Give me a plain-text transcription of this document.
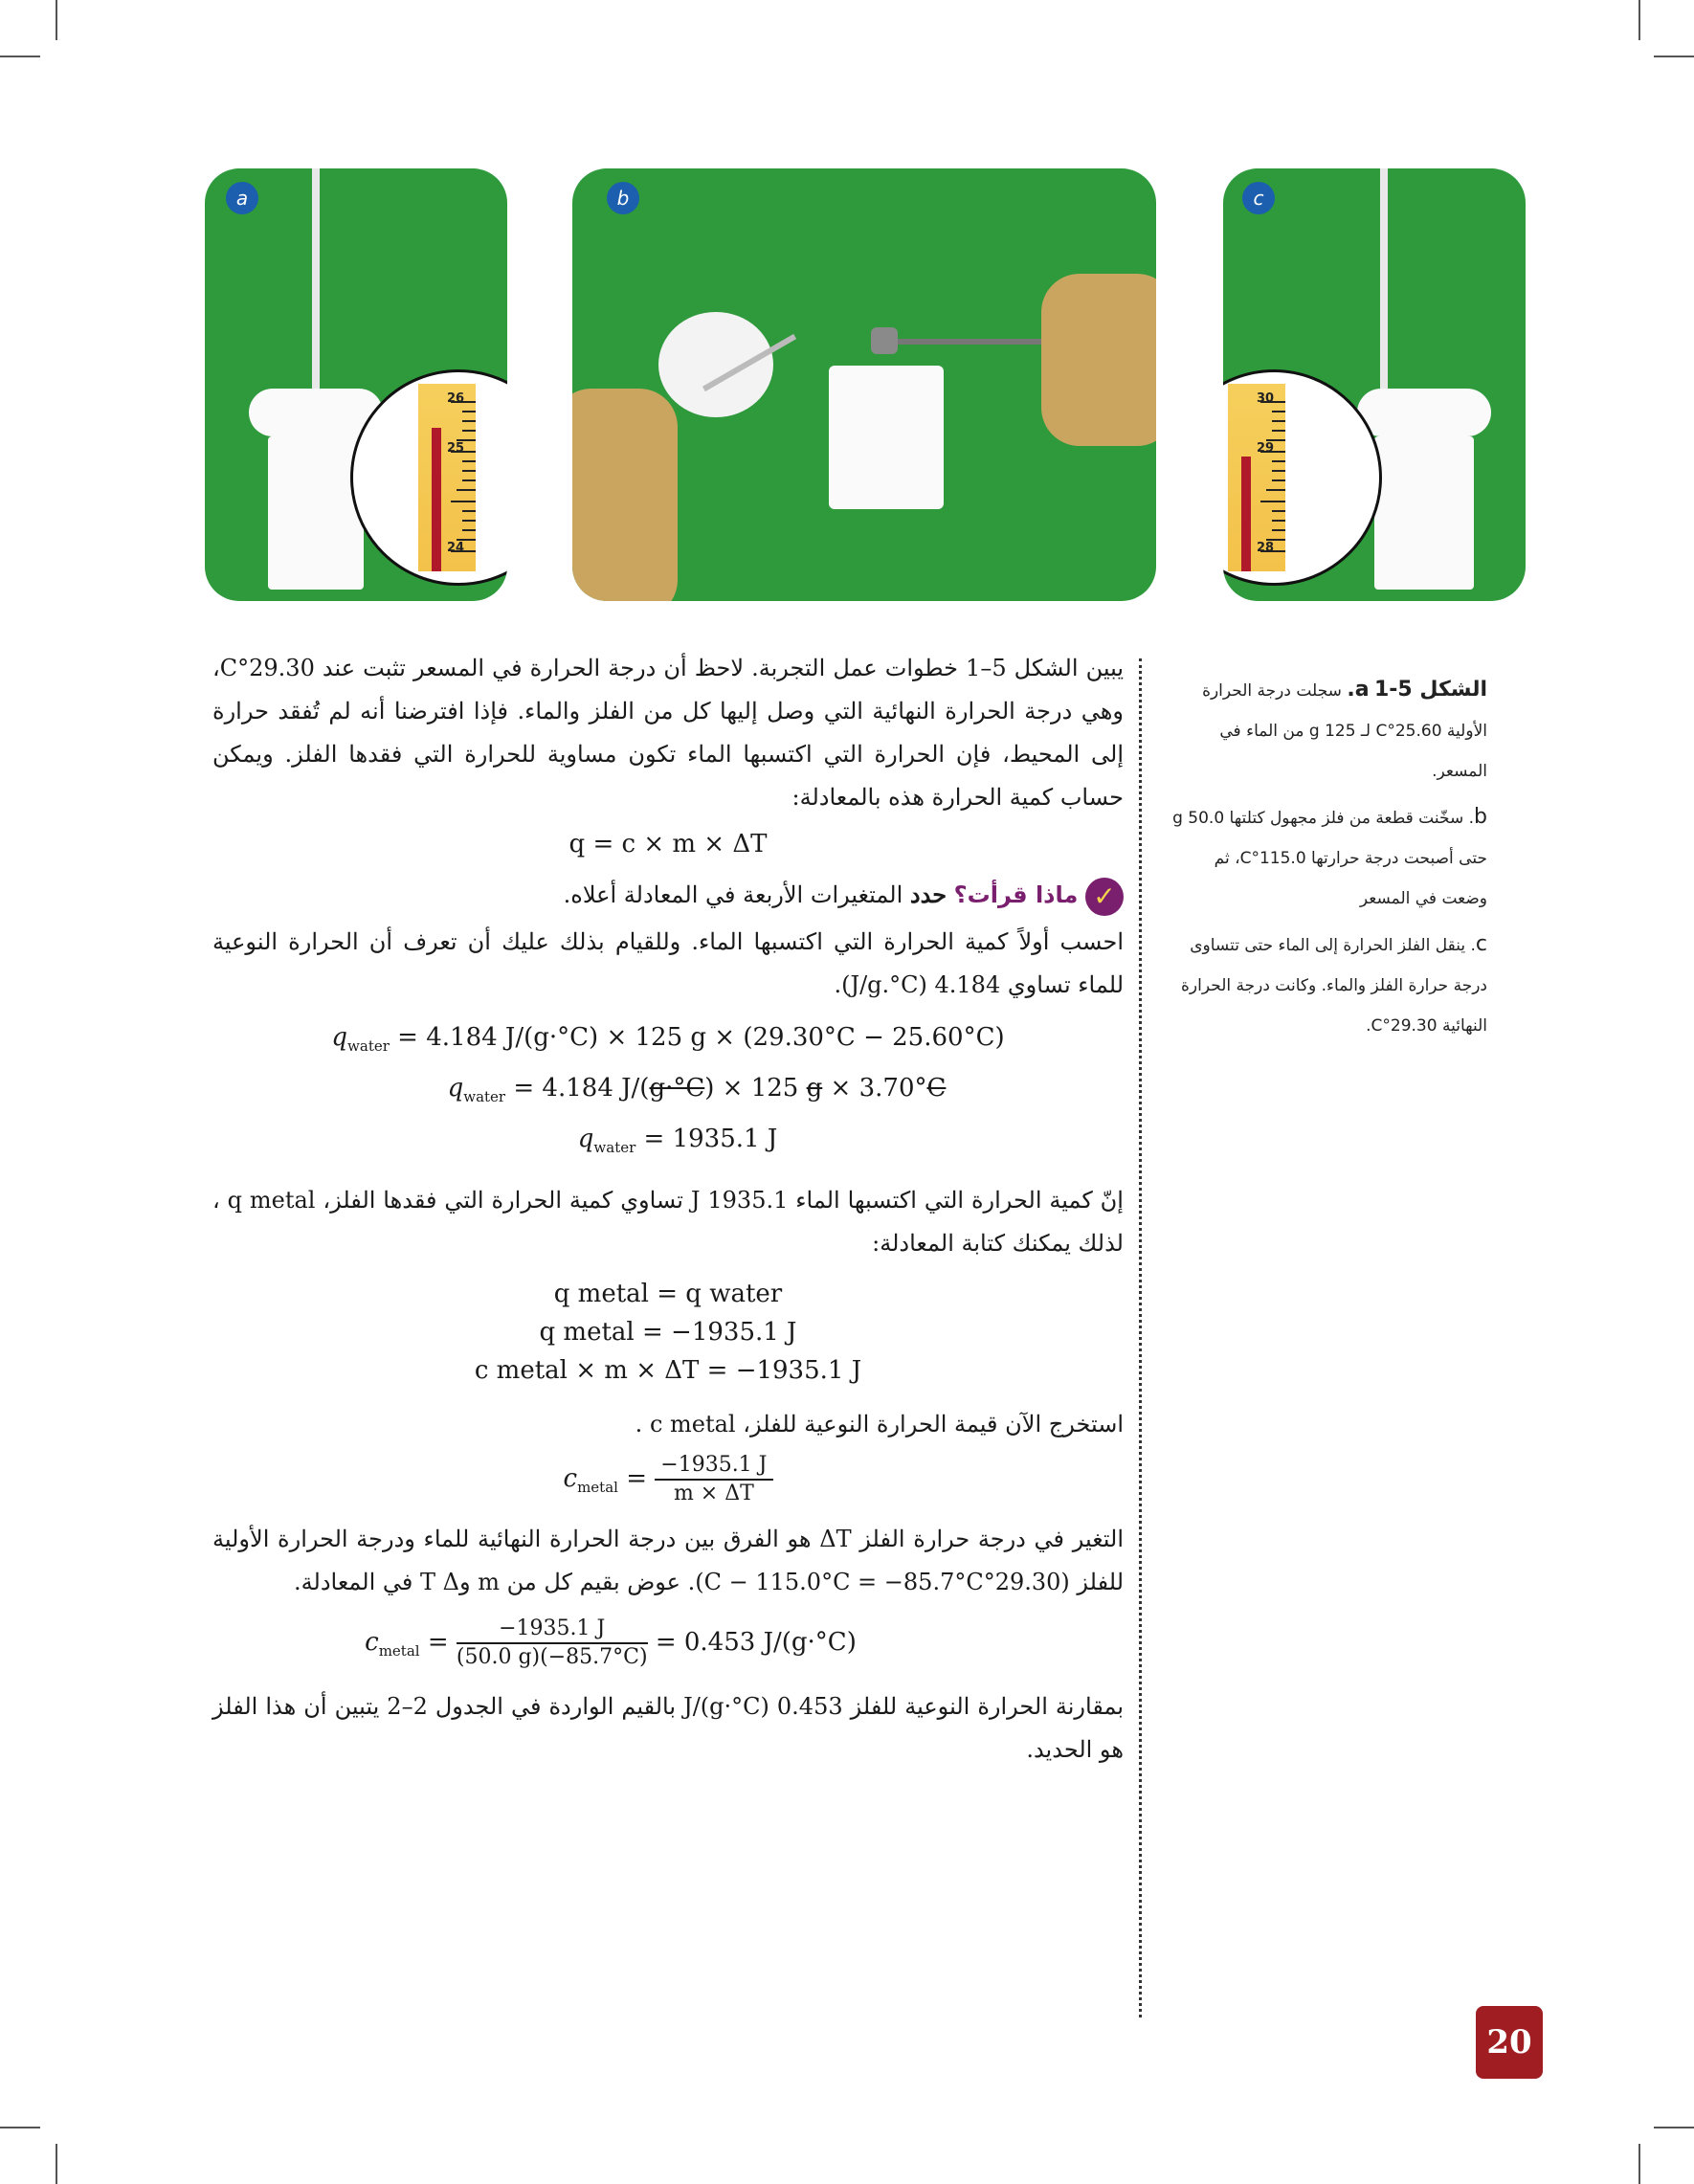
a
26
25
24
b	c
30
29
28

الشكل 5-1 a. سجلت درجة الحرارة الأولية 25.60°C لـ 125 g من الماء في المسعر.

b. سخّنت قطعة من فلز مجهول كتلتها 50.0 g حتى أصبحت درجة حرارتها 115.0°C، ثم وضعت في المسعر

c. ينقل الفلز الحرارة إلى الماء حتى تتساوى درجة حرارة الفلز والماء. وكانت درجة الحرارة النهائية 29.30°C.

يبين الشكل 5–1 خطوات عمل التجربة. لاحظ أن درجة الحرارة في المسعر تثبت عند 29.30°C، وهي درجة الحرارة النهائية التي وصل إليها كل من الفلز والماء. فإذا افترضنا أنه لم تُفقد حرارة إلى المحيط، فإن الحرارة التي اكتسبها الماء تكون مساوية للحرارة التي فقدها الفلز. ويمكن حساب كمية الحرارة هذه بالمعادلة:

q = c × m × ΔT

✓ ماذا قرأت؟ حدد المتغيرات الأربعة في المعادلة أعلاه.

احسب أولاً كمية الحرارة التي اكتسبها الماء. وللقيام بذلك عليك أن تعرف أن الحرارة النوعية للماء تساوي 4.184 (J/g.°C).

$q_{water} = 4.184$ J/(g·°C) × 125 g × (29.30°C − 25.60°C)
$q_{water} = 4.184$ J/(g·°C) × 125 g × 3.70°C
$q_{water} = 1935.1$ J

إنّ كمية الحرارة التي اكتسبها الماء 1935.1 J تساوي كمية الحرارة التي فقدها الفلز، q metal ، لذلك يمكنك كتابة المعادلة:

q metal = q water
q metal = −1935.1 J
c metal × m × ΔT = −1935.1 J

استخرج الآن قيمة الحرارة النوعية للفلز، c metal .

$c_{metal} = \frac{-1935.1 J}{m \times \Delta T}$

التغير في درجة حرارة الفلز ΔT هو الفرق بين درجة الحرارة النهائية للماء ودرجة الحرارة الأولية للفلز (29.30°C − 115.0°C = −85.7°C). عوض بقيم كل من m وT Δ في المعادلة.

$c_{metal} = \frac{-1935.1 J}{(50.0 g)(-85.7^\circ C)} = 0.453$ J/(g·°C)

بمقارنة الحرارة النوعية للفلز 0.453 J/(g·°C) بالقيم الواردة في الجدول 2–2 يتبين أن هذا الفلز هو الحديد.

20
